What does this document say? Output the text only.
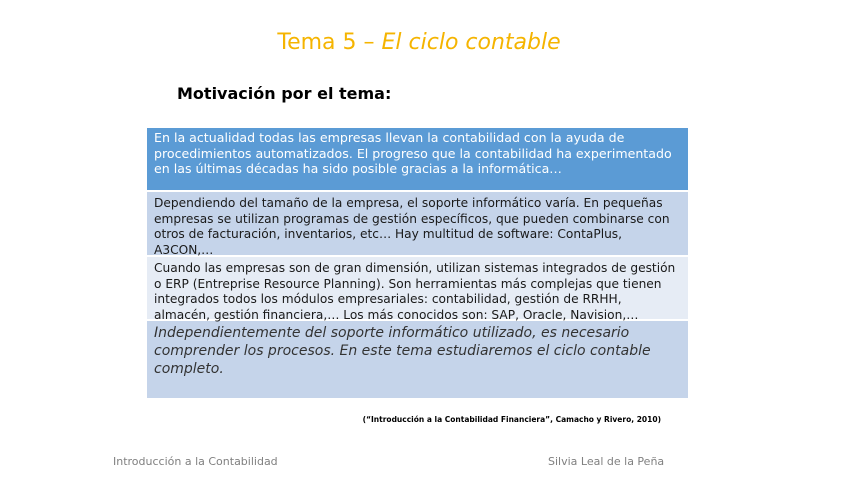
Tema 5 – El ciclo contable
Motivación por el tema:
En la actualidad todas las empresas llevan la contabilidad con la ayuda de procedimientos automatizados. El progreso que la contabilidad ha experimentado en las últimas décadas ha sido posible gracias a la informática…
Dependiendo del tamaño de la empresa, el soporte informático varía. En pequeñas empresas se utilizan programas de gestión específicos, que pueden combinarse con otros de facturación, inventarios, etc… Hay multitud de software: ContaPlus, A3CON,…
Cuando las empresas son de gran dimensión, utilizan sistemas integrados de gestión o ERP (Entreprise Resource Planning). Son herramientas más complejas que tienen integrados todos los módulos empresariales: contabilidad, gestión de RRHH, almacén, gestión financiera,… Los más conocidos son: SAP, Oracle, Navision,…
Independientemente del soporte informático utilizado, es necesario comprender los procesos. En este tema estudiaremos el ciclo contable completo.
(“Introducción a la Contabilidad Financiera”, Camacho y Rivero, 2010)
Introducción a la Contabilidad	Silvia Leal de la Peña
